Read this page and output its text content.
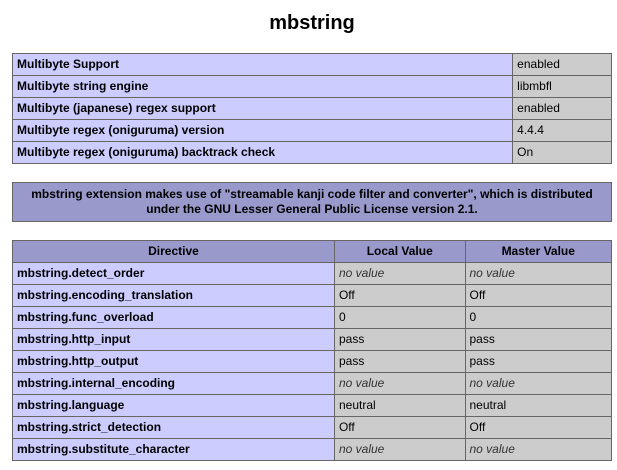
mbstring
Multibyte Support	enabled
Multibyte string engine	libmbfl
Multibyte (japanese) regex support	enabled
Multibyte regex (oniguruma) version	4.4.4
Multibyte regex (oniguruma) backtrack check	On
mbstring extension makes use of "streamable kanji code filter and converter", which is distributed under the GNU Lesser General Public License version 2.1.
Directive	Local Value	Master Value
mbstring.detect_order	no value	no value
mbstring.encoding_translation	Off	Off
mbstring.func_overload	0	0
mbstring.http_input	pass	pass
mbstring.http_output	pass	pass
mbstring.internal_encoding	no value	no value
mbstring.language	neutral	neutral
mbstring.strict_detection	Off	Off
mbstring.substitute_character	no value	no value
